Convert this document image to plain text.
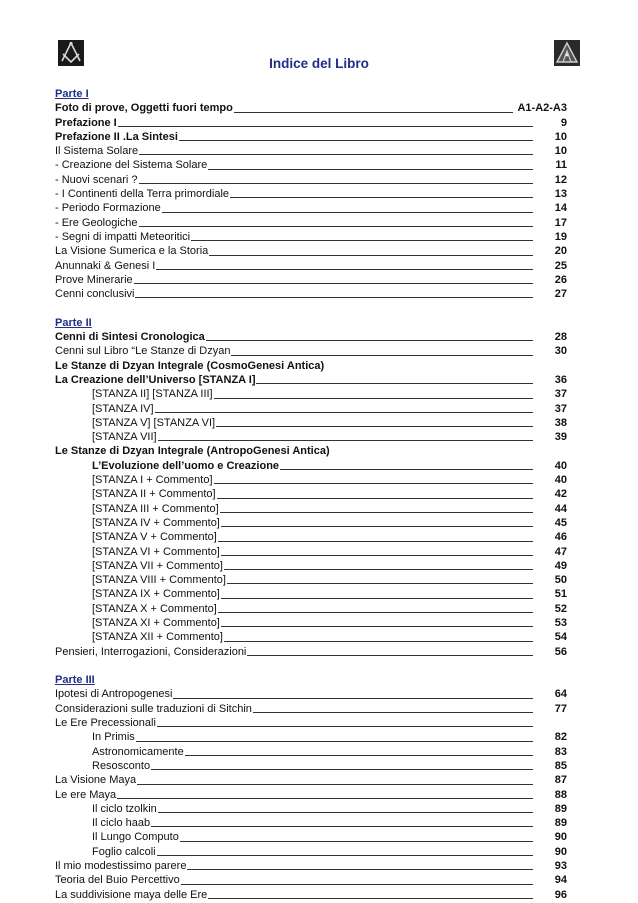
Indice del Libro
Parte I
Foto di prove, Oggetti fuori tempo	A1-A2-A3
Prefazione I	9
Prefazione II .La Sintesi	10
Il Sistema Solare	10
- Creazione del Sistema Solare	11
- Nuovi scenari ?	12
- I Continenti della Terra primordiale	13
- Periodo Formazione	14
- Ere Geologiche	17
- Segni di impatti Meteoritici	19
La Visione Sumerica e la Storia	20
Anunnaki & Genesi I	25
Prove Minerarie	26
Cenni conclusivi	27
Parte II
Cenni di Sintesi Cronologica	28
Cenni sul Libro “Le Stanze di Dzyan	30
Le Stanze di Dzyan Integrale (CosmoGenesi Antica)
La Creazione dell’Universo [STANZA I]	36
[STANZA II] [STANZA III]	37
[STANZA IV]	37
[STANZA V] [STANZA VI]	38
[STANZA VII]	39
Le Stanze di Dzyan Integrale (AntropoGenesi Antica)
L’Evoluzione dell’uomo e Creazione	40
[STANZA I + Commento]	40
[STANZA II + Commento]	42
[STANZA III + Commento]	44
[STANZA IV + Commento]	45
[STANZA V + Commento]	46
[STANZA VI + Commento]	47
[STANZA VII + Commento]	49
[STANZA VIII + Commento]	50
[STANZA IX + Commento]	51
[STANZA X + Commento]	52
[STANZA XI + Commento]	53
[STANZA XII + Commento]	54
Pensieri, Interrogazioni, Considerazioni	56
Parte III
Ipotesi di Antropogenesi	64
Considerazioni sulle traduzioni di Sitchin	77
Le Ere Precessionali
In Primis	82
Astronomicamente	83
Resosconto	85
La Visione Maya	87
Le ere Maya	88
Il ciclo tzolkin	89
Il ciclo haab	89
Il Lungo Computo	90
Foglio calcoli	90
Il mio modestissimo parere	93
Teoria del Buio Percettivo	94
La suddivisione maya delle Ere	96
